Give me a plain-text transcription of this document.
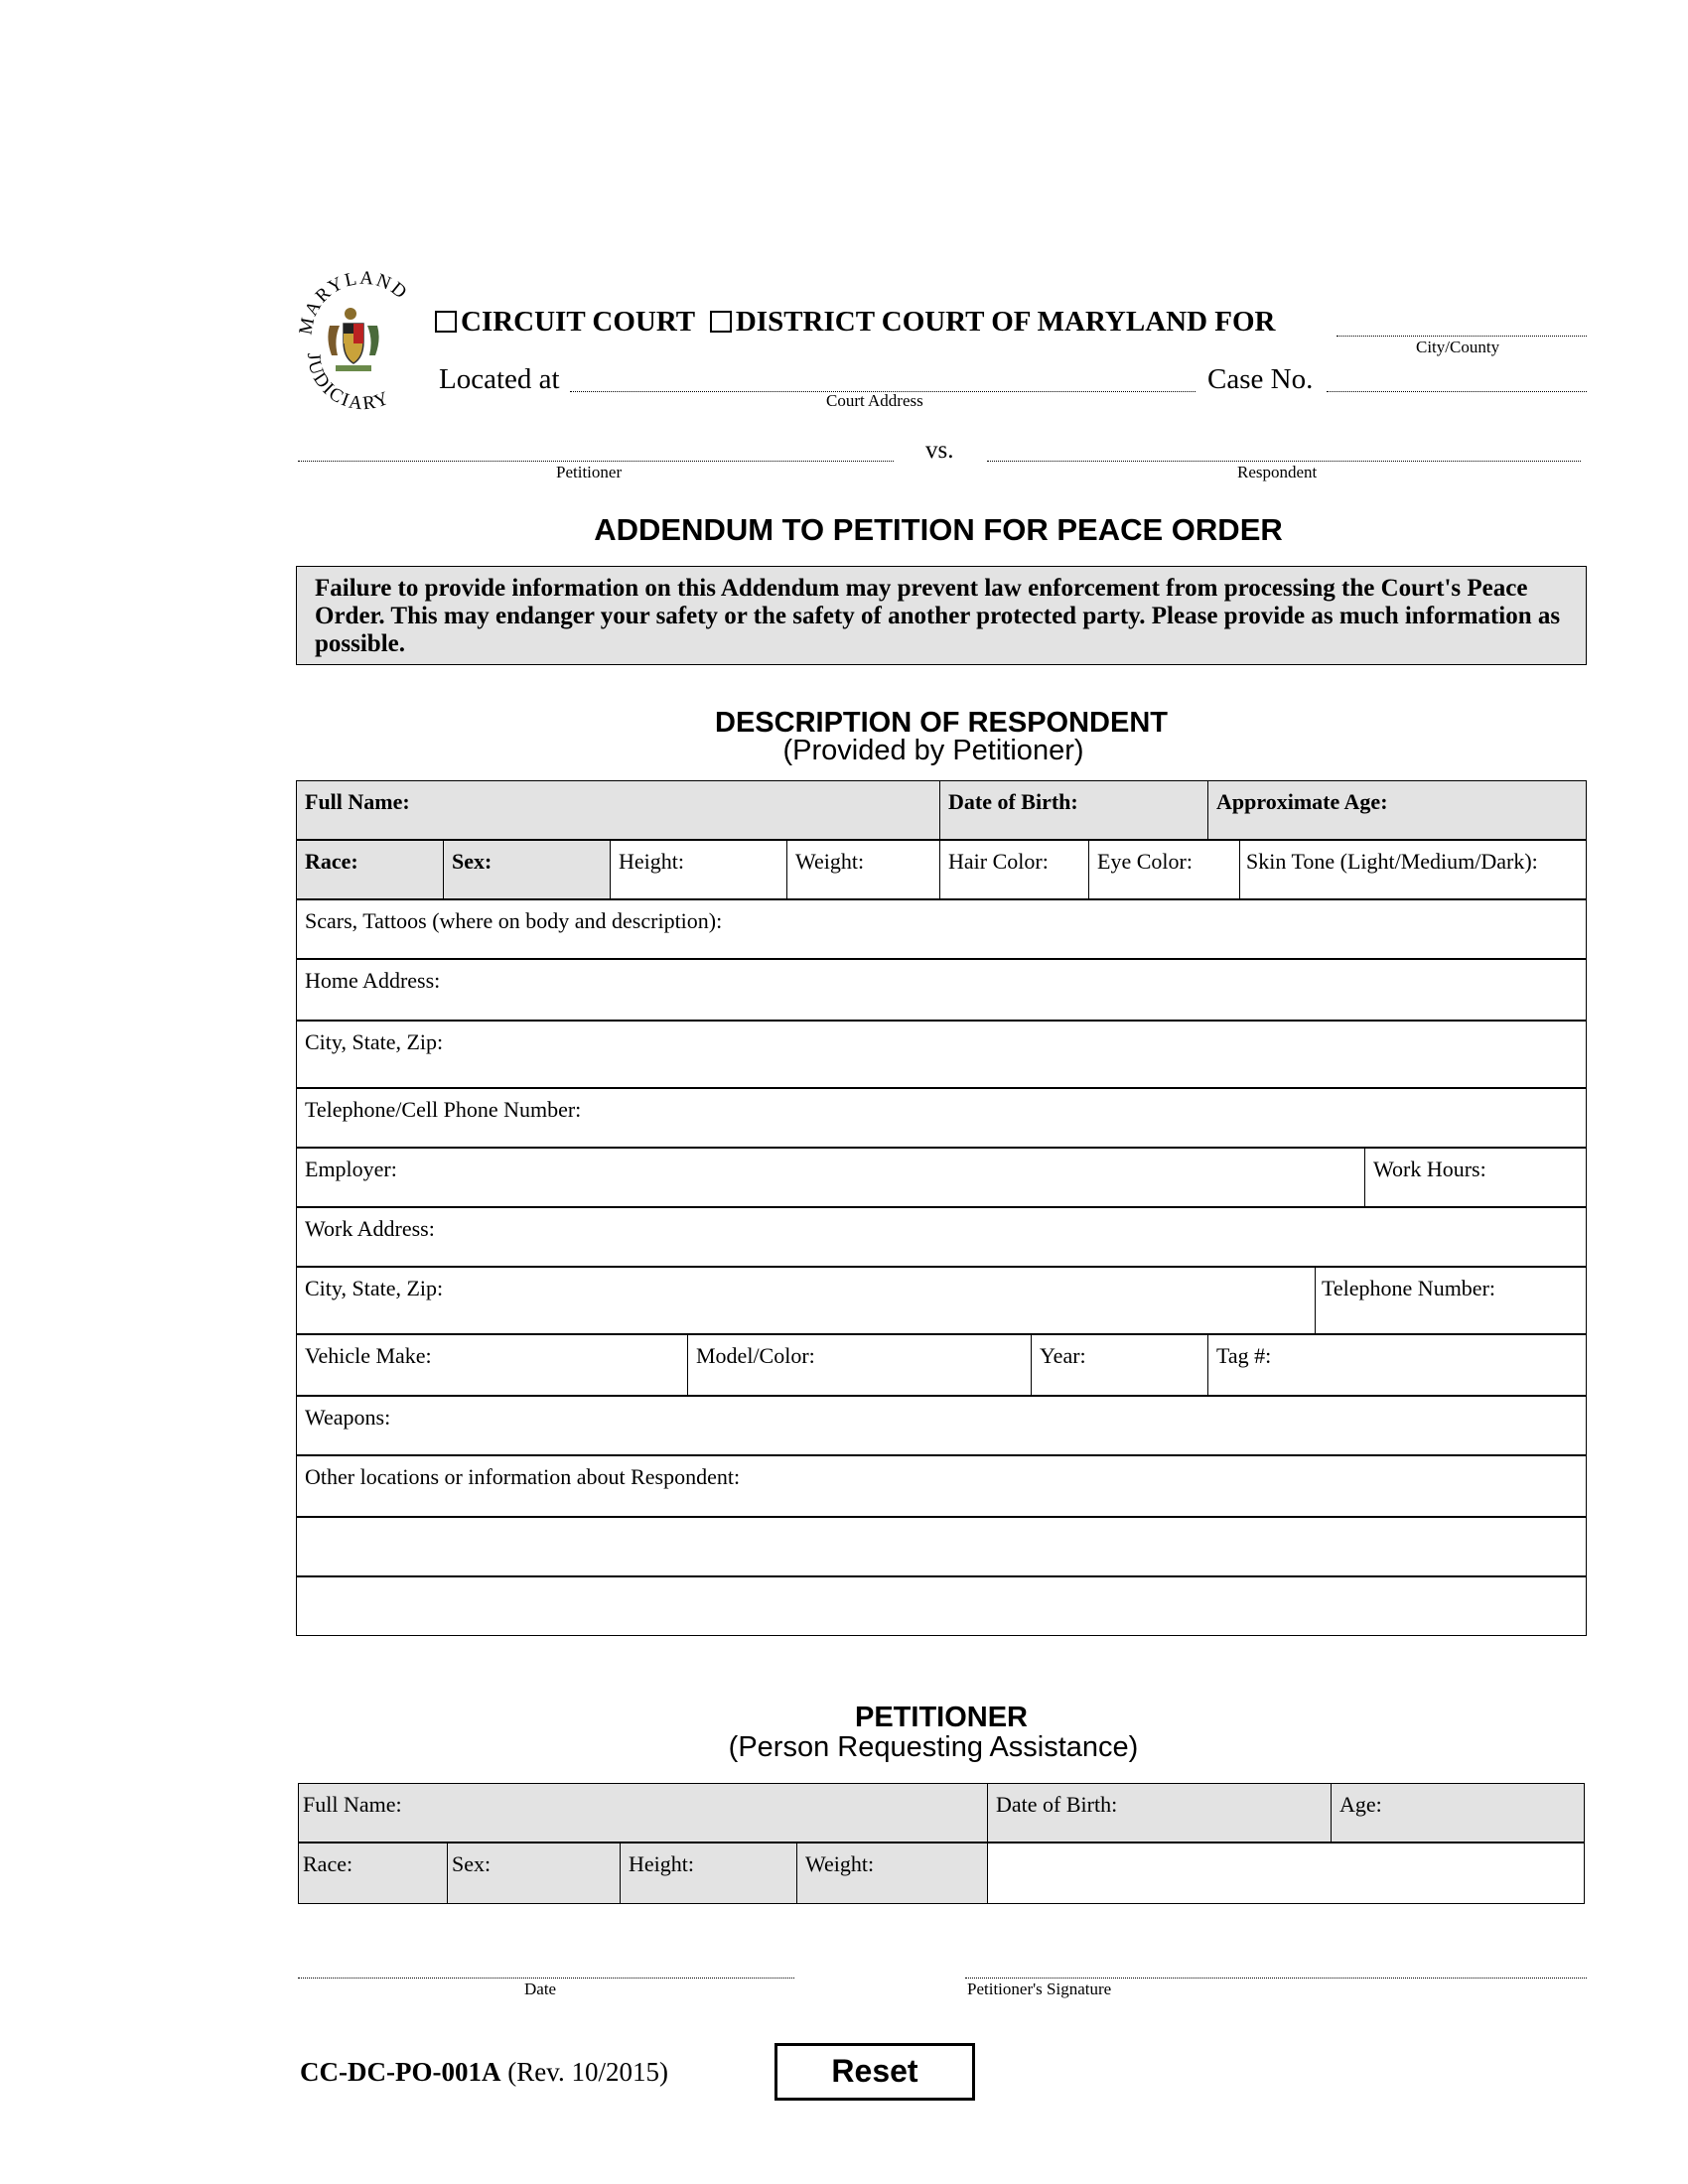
MARYLAND
JUDICIARY
CIRCUIT COURT DISTRICT COURT OF MARYLAND FOR
City/County
Located at
Court Address
Case No.
Petitioner
vs.
Respondent
ADDENDUM TO PETITION FOR PEACE ORDER
Failure to provide information on this Addendum may prevent law enforcement from processing the Court's Peace Order. This may endanger your safety or the safety of another protected party. Please provide as much information as possible.
DESCRIPTION OF RESPONDENT
(Provided by Petitioner)
Full Name:	Date of Birth:	Approximate Age:
Race:	Sex:	Height:	Weight:	Hair Color:	Eye Color:	Skin Tone (Light/Medium/Dark):
Scars, Tattoos (where on body and description):
Home Address:
City, State, Zip:
Telephone/Cell Phone Number:
Employer:	Work Hours:
Work Address:
City, State, Zip:	Telephone Number:
Vehicle Make:	Model/Color:	Year:	Tag #:
Weapons:
Other locations or information about Respondent:
PETITIONER
(Person Requesting Assistance)
Full Name:	Date of Birth:	Age:
Race:	Sex:	Height:	Weight:	
Date	Petitioner's Signature
CC-DC-PO-001A (Rev. 10/2015)	Reset
